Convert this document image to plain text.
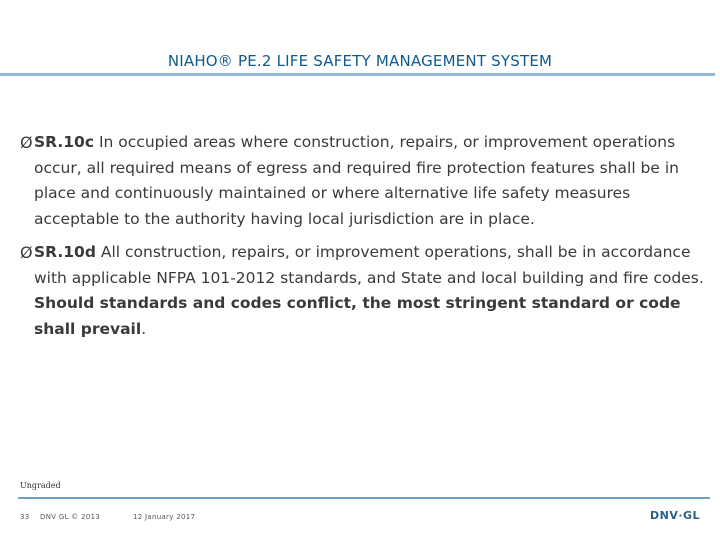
NIAHO® PE.2 LIFE SAFETY MANAGEMENT SYSTEM
Ø SR.10c In occupied areas where construction, repairs, or improvement operations occur, all required means of egress and required fire protection features shall be in place and continuously maintained or where alternative life safety measures acceptable to the authority having local jurisdiction are in place.
Ø SR.10d All construction, repairs, or improvement operations, shall be in accordance with applicable NFPA 101-2012 standards, and State and local building and fire codes. Should standards and codes conflict, the most stringent standard or code shall prevail.
Ungraded
33 DNV GL © 2013	12 January 2017	DNV·GL
